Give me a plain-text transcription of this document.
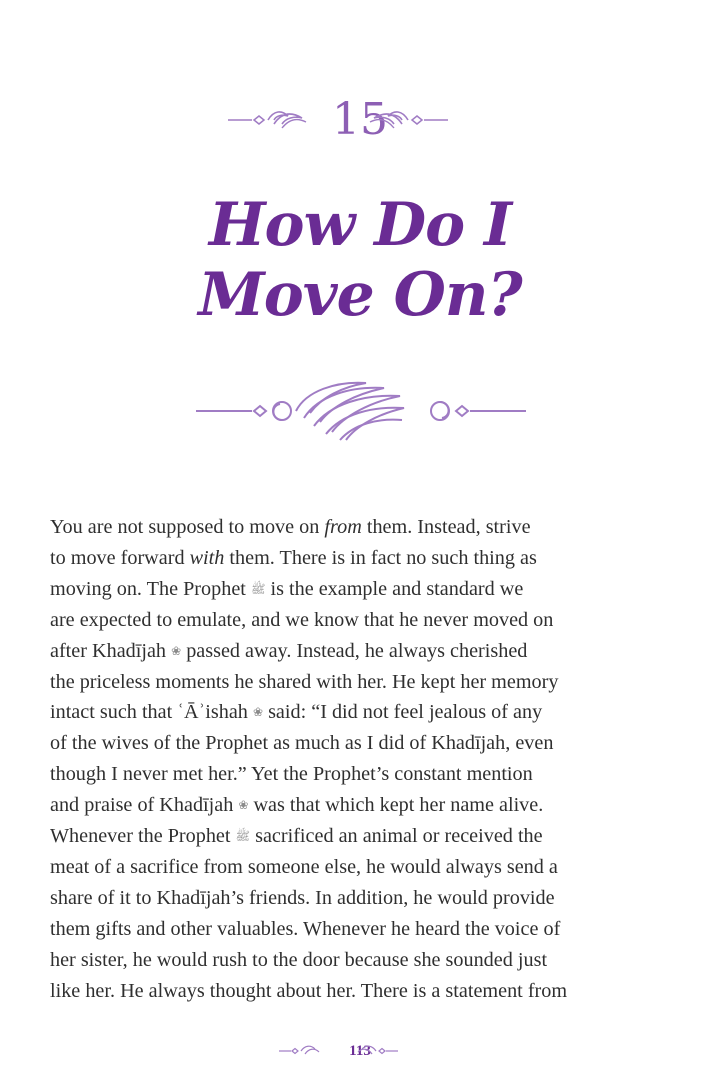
15
How Do I
Move On?
You are not supposed to move on from them. Instead, strive
to move forward with them. There is in fact no such thing as
moving on. The Prophet ﷺ is the example and standard we
are expected to emulate, and we know that he never moved on
after Khadījah ❀ passed away. Instead, he always cherished
the priceless moments he shared with her. He kept her memory
intact such that ʿĀʾishah ❀ said: “I did not feel jealous of any
of the wives of the Prophet as much as I did of Khadījah, even
though I never met her.” Yet the Prophet’s constant mention
and praise of Khadījah ❀ was that which kept her name alive.
Whenever the Prophet ﷺ sacrificed an animal or received the
meat of a sacrifice from someone else, he would always send a
share of it to Khadījah’s friends. In addition, he would provide
them gifts and other valuables. Whenever he heard the voice of
her sister, he would rush to the door because she sounded just
like her. He always thought about her. There is a statement from
113
